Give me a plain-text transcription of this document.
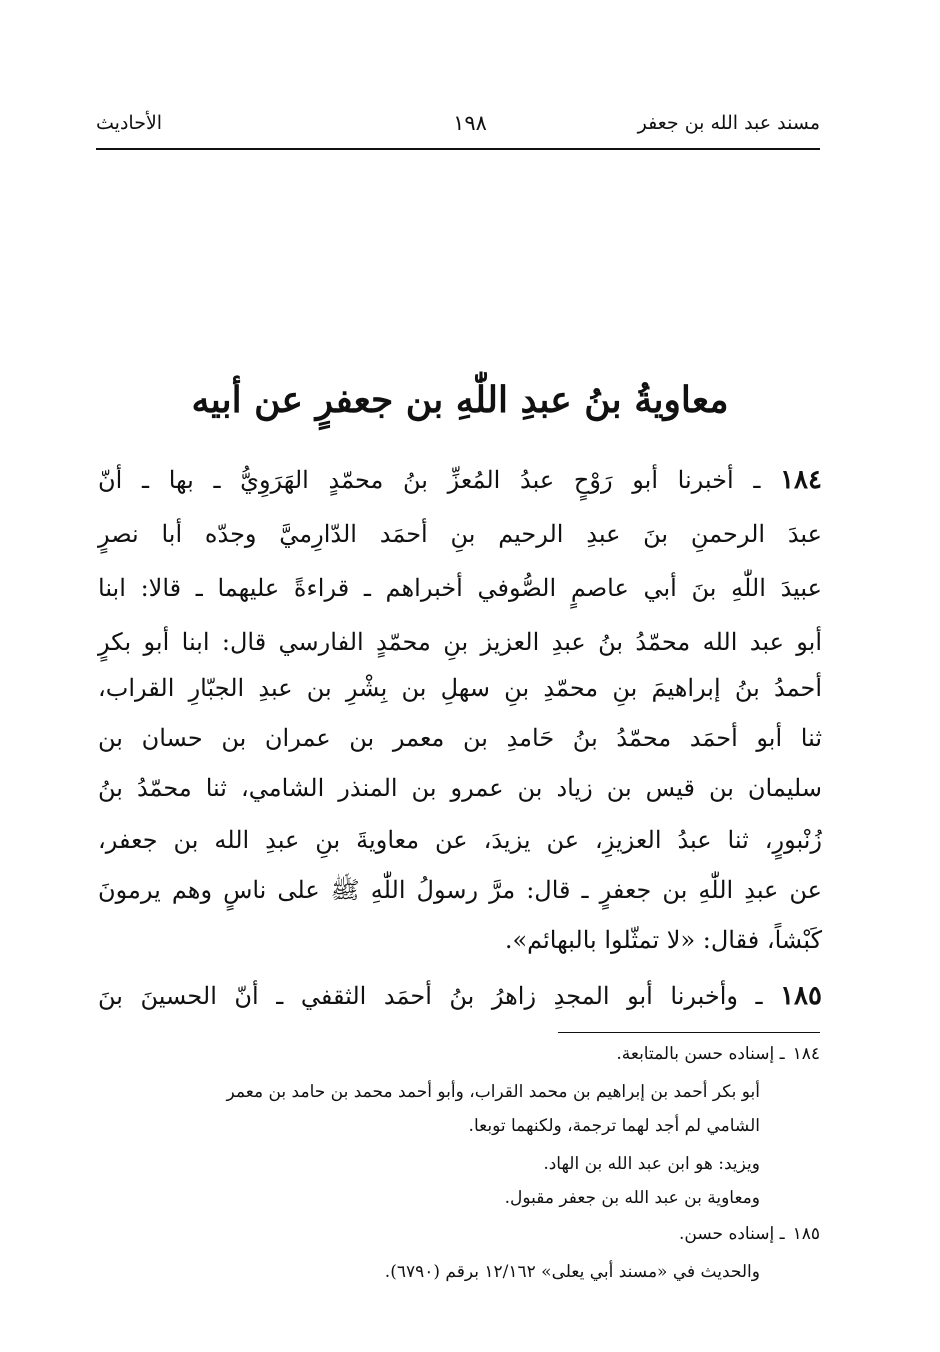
مسند عبد الله بن جعفر
١٩٨
الأحاديث
معاويةُ بنُ عبدِ اللّٰهِ بن جعفرٍ عن أبيه
١٨٤ ـ أخبرنا أبو رَوْحٍ عبدُ المُعزِّ بنُ محمّدٍ الهَرَوِيُّ ـ بها ـ أنّ
عبدَ الرحمنِ بنَ عبدِ الرحيم بنِ أحمَد الدّارِميَّ وجدّه أبا نصرٍ
عبيدَ اللّٰهِ بنَ أبي عاصمٍ الصُّوفي أخبراهم ـ قراءةً عليهما ـ قالا: ابنا
أبو عبد الله محمّدُ بنُ عبدِ العزيز بنِ محمّدٍ الفارسي قال: ابنا أبو بكرٍ
أحمدُ بنُ إبراهيمَ بنِ محمّدِ بنِ سهلِ بن بِشْرِ بن عبدِ الجبّارِ القراب،
ثنا أبو أحمَد محمّدُ بنُ حَامدِ بن معمر بن عمران بن حسان بن
سليمان بن قيس بن زياد بن عمرو بن المنذر الشامي، ثنا محمّدُ بنُ
زُنْبورٍ، ثنا عبدُ العزيزِ، عن يزيدَ، عن معاويةَ بنِ عبدِ الله بن جعفر،
عن عبدِ اللّٰهِ بن جعفرٍ ـ قال: مرَّ رسولُ اللّٰهِ ﷺ على ناسٍ وهم يرمونَ
كَبْشاً، فقال: «لا تمثّلوا بالبهائم».
١٨٥ ـ وأخبرنا أبو المجدِ زاهرُ بنُ أحمَد الثقفي ـ أنّ الحسينَ بنَ
١٨٤ـ إسناده حسن بالمتابعة.
أبو بكر أحمد بن إبراهيم بن محمد القراب، وأبو أحمد محمد بن حامد بن معمر
الشامي لم أجد لهما ترجمة، ولكنهما توبعا.
ويزيد: هو ابن عبد الله بن الهاد.
ومعاوية بن عبد الله بن جعفر مقبول.
١٨٥ـ إسناده حسن.
والحديث في «مسند أبي يعلى» ١٢/١٦٢ برقم (٦٧٩٠).
